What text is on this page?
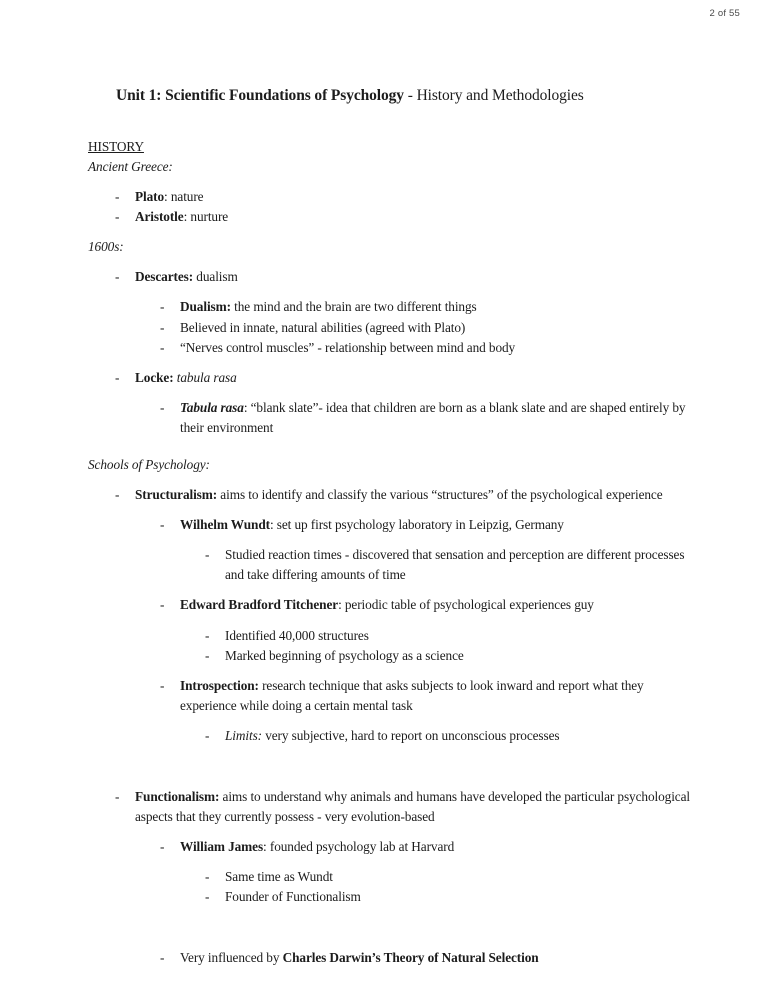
2 of 55
Unit 1: Scientific Foundations of Psychology - History and Methodologies
HISTORY
Ancient Greece:
-	Plato: nature
-	Aristotle: nurture
1600s:
-	Descartes: dualism
-	Dualism: the mind and the brain are two different things
-	Believed in innate, natural abilities (agreed with Plato)
-	“Nerves control muscles” - relationship between mind and body
-	Locke: tabula rasa
-	Tabula rasa: “blank slate”- idea that children are born as a blank slate and are shaped entirely by their environment
Schools of Psychology:
-	Structuralism: aims to identify and classify the various “structures” of the psychological experience
-	Wilhelm Wundt: set up first psychology laboratory in Leipzig, Germany
-	Studied reaction times - discovered that sensation and perception are different processes and take differing amounts of time
-	Edward Bradford Titchener: periodic table of psychological experiences guy
-	Identified 40,000 structures
-	Marked beginning of psychology as a science
-	Introspection: research technique that asks subjects to look inward and report what they experience while doing a certain mental task
-	Limits: very subjective, hard to report on unconscious processes
-	Functionalism: aims to understand why animals and humans have developed the particular psychological aspects that they currently possess - very evolution-based
-	William James: founded psychology lab at Harvard
-	Same time as Wundt
-	Founder of Functionalism
-	Very influenced by Charles Darwin’s Theory of Natural Selection
